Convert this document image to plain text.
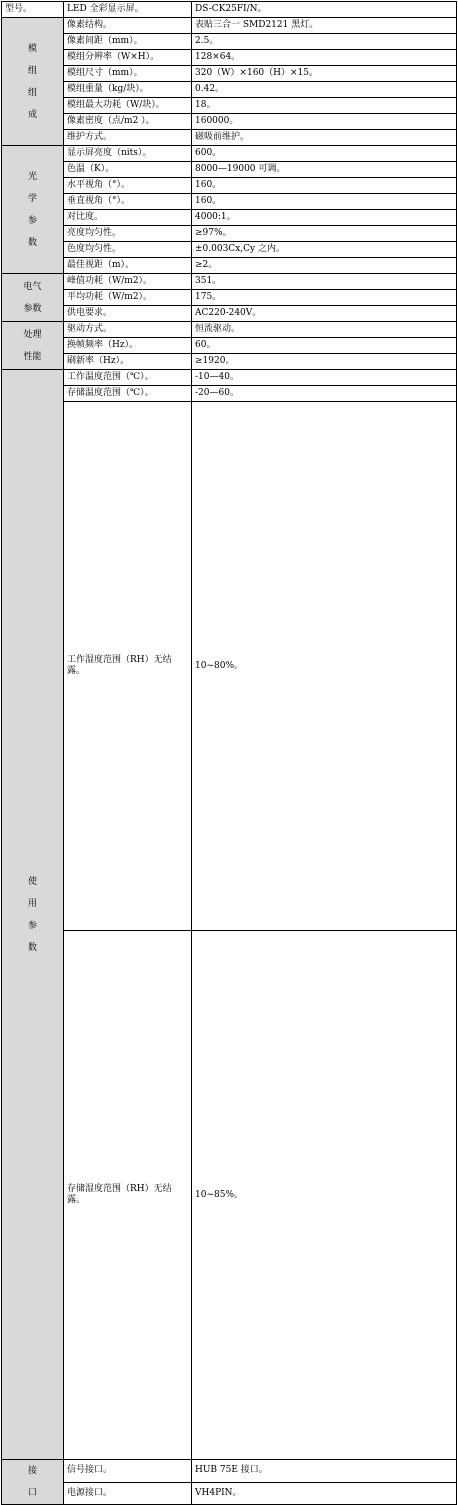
型号。	LED 全彩显示屏。	DS-CK25FI/N。

模
组
组
成	像素结构。	表贴三合一 SMD2121 黑灯。
	像素间距（mm）。	2.5。
	模组分辨率（W×H）。	128×64。
	模组尺寸（mm）。	320（W）×160（H）×15。
	模组重量（kg/块）。	0.42。
	模组最大功耗（W/块）。	18。
	像素密度（点/m2 ）。	160000。
	维护方式。	磁吸前维护。

光
学
参
数	显示屏亮度（nits）。	600。
	色温（K）。	8000—19000 可调。
	水平视角（°）。	160。
	垂直视角（°）。	160。
	对比度。	4000:1。
	亮度均匀性。	≥97%。
	色度均匀性。	±0.003Cx,Cy 之内。
	最佳视距（m）。	≥2。

电气
参数	峰值功耗（W/m2）。	351。
	平均功耗（W/m2）。	175。
	供电要求。	AC220-240V。

处理
性能	驱动方式。	恒流驱动。
	换帧频率（Hz）。	60。
	刷新率（Hz）。	≥1920。

使
用
参
数	工作温度范围（℃）。	-10—40。
	存储温度范围（℃）。	-20—60。
	工作湿度范围（RH）无结露。	10~80%。
	存储湿度范围（RH）无结露。	10~85%。

接
口	信号接口。	HUB 75E 接口。
	电源接口。	VH4PIN。
